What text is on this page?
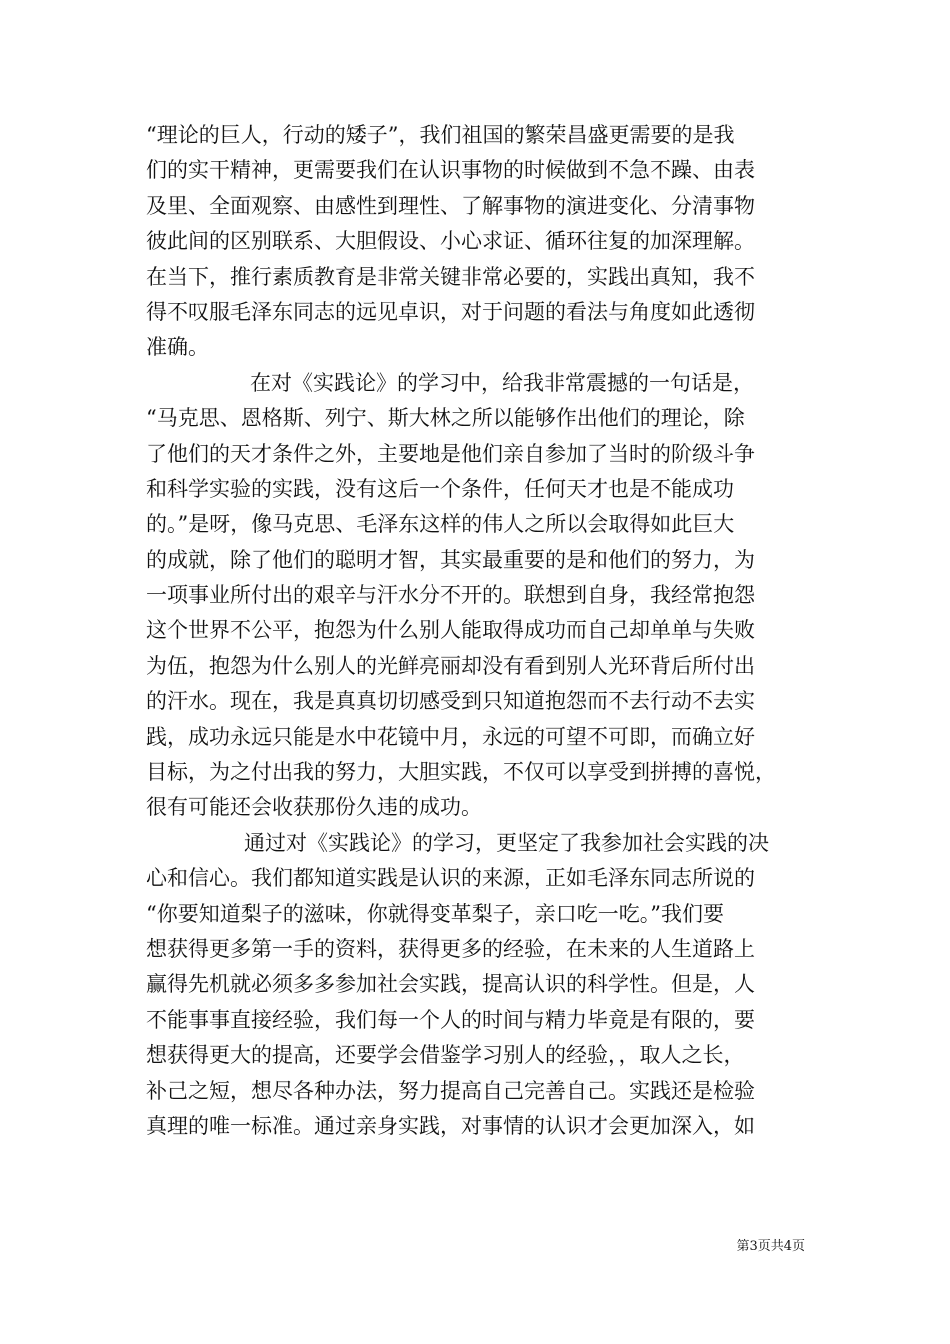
“理论的巨人，行动的矮子”，我们祖国的繁荣昌盛更需要的是我
们的实干精神，更需要我们在认识事物的时候做到不急不躁、由表
及里、全面观察、由感性到理性、了解事物的演进变化、分清事物
彼此间的区别联系、大胆假设、小心求证、循环往复的加深理解。
在当下，推行素质教育是非常关键非常必要的，实践出真知，我不
得不叹服毛泽东同志的远见卓识，对于问题的看法与角度如此透彻
准确。
在对《实践论》的学习中，给我非常震撼的一句话是，
“马克思、恩格斯、列宁、斯大林之所以能够作出他们的理论，除
了他们的天才条件之外，主要地是他们亲自参加了当时的阶级斗争
和科学实验的实践，没有这后一个条件，任何天才也是不能成功
的。”是呀，像马克思、毛泽东这样的伟人之所以会取得如此巨大
的成就，除了他们的聪明才智，其实最重要的是和他们的努力，为
一项事业所付出的艰辛与汗水分不开的。联想到自身，我经常抱怨
这个世界不公平，抱怨为什么别人能取得成功而自己却单单与失败
为伍，抱怨为什么别人的光鲜亮丽却没有看到别人光环背后所付出
的汗水。现在，我是真真切切感受到只知道抱怨而不去行动不去实
践，成功永远只能是水中花镜中月，永远的可望不可即，而确立好
目标，为之付出我的努力，大胆实践，不仅可以享受到拼搏的喜悦，
很有可能还会收获那份久违的成功。
通过对《实践论》的学习，更坚定了我参加社会实践的决
心和信心。我们都知道实践是认识的来源，正如毛泽东同志所说的
“你要知道梨子的滋味，你就得变革梨子，亲口吃一吃。”我们要
想获得更多第一手的资料，获得更多的经验，在未来的人生道路上
赢得先机就必须多多参加社会实践，提高认识的科学性。但是，人
不能事事直接经验，我们每一个人的时间与精力毕竟是有限的，要
想获得更大的提高，还要学会借鉴学习别人的经验，，取人之长，
补己之短，想尽各种办法，努力提高自己完善自己。实践还是检验
真理的唯一标准。通过亲身实践，对事情的认识才会更加深入，如
第3页共4页
